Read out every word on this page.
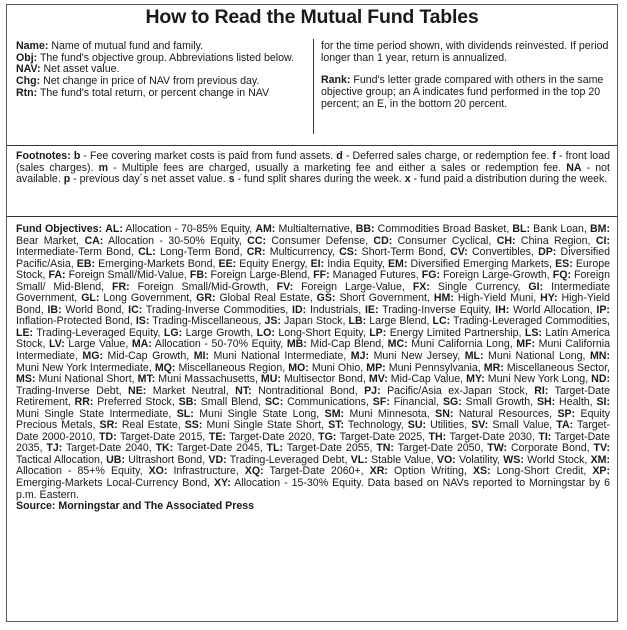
How to Read the Mutual Fund Tables
Name: Name of mutual fund and family.
Obj: The fund's objective group. Abbreviations listed below.
NAV: Net asset value.
Chg: Net change in price of NAV from previous day.
Rtn: The fund's total return, or percent change in NAV
for the time period shown, with dividends reinvested. If period longer than 1 year, return is annualized.
Rank: Fund's letter grade compared with others in the same objective group; an A indicates fund performed in the top 20 percent; an E, in the bottom 20 percent.
Footnotes: b - Fee covering market costs is paid from fund assets. d - Deferred sales charge, or redemption fee. f - front load (sales charges). m - Multiple fees are charged, usually a marketing fee and either a sales or redemption fee. NA - not available. p - previous day´s net asset value. s - fund split shares during the week. x - fund paid a distribution during the week.
Fund Objectives: AL: Allocation - 70-85% Equity, AM: Multialternative, BB: Commodities Broad Basket, BL: Bank Loan, BM: Bear Market, CA: Allocation - 30-50% Equity, CC: Consumer Defense, CD: Consumer Cyclical, CH: China Region, CI: Intermediate-Term Bond, CL: Long-Term Bond, CR: Multicurrency, CS: Short-Term Bond, CV: Convertibles, DP: Diversified Pacific/Asia, EB: Emerging-Markets Bond, EE: Equity Energy, EI: India Equity, EM: Diversified Emerging Markets, ES: Europe Stock, FA: Foreign Small/Mid-Value, FB: Foreign Large-Blend, FF: Managed Futures, FG: Foreign Large-Growth, FQ: Foreign Small/ Mid-Blend, FR: Foreign Small/Mid-Growth, FV: Foreign Large-Value, FX: Single Currency, GI: Intermediate Government, GL: Long Government, GR: Global Real Estate, GS: Short Government, HM: High-Yield Muni, HY: High-Yield Bond, IB: World Bond, IC: Trading-Inverse Commodities, ID: Industrials, IE: Trading-Inverse Equity, IH: World Allocation, IP: Inflation-Protected Bond, IS: Trading-Miscellaneous, JS: Japan Stock, LB: Large Blend, LC: Trading-Leveraged Commodities, LE: Trading-Leveraged Equity, LG: Large Growth, LO: Long-Short Equity, LP: Energy Limited Partnership, LS: Latin America Stock, LV: Large Value, MA: Allocation - 50-70% Equity, MB: Mid-Cap Blend, MC: Muni California Long, MF: Muni California Intermediate, MG: Mid-Cap Growth, MI: Muni National Intermediate, MJ: Muni New Jersey, ML: Muni National Long, MN: Muni New York Intermediate, MQ: Miscellaneous Region, MO: Muni Ohio, MP: Muni Pennsylvania, MR: Miscellaneous Sector, MS: Muni National Short, MT: Muni Massachusetts, MU: Multisector Bond, MV: Mid-Cap Value, MY: Muni New York Long, ND: Trading-Inverse Debt, NE: Market Neutral, NT: Nontraditional Bond, PJ: Pacific/Asia ex-Japan Stock, RI: Target-Date Retirement, RR: Preferred Stock, SB: Small Blend, SC: Communications, SF: Financial, SG: Small Growth, SH: Health, SI: Muni Single State Intermediate, SL: Muni Single State Long, SM: Muni Minnesota, SN: Natural Resources, SP: Equity Precious Metals, SR: Real Estate, SS: Muni Single State Short, ST: Technology, SU: Utilities, SV: Small Value, TA: Target-Date 2000-2010, TD: Target-Date 2015, TE: Target-Date 2020, TG: Target-Date 2025, TH: Target-Date 2030, TI: Target-Date 2035, TJ: Target-Date 2040, TK: Target-Date 2045, TL: Target-Date 2055, TN: Target-Date 2050, TW: Corporate Bond, TV: Tactical Allocation, UB: Ultrashort Bond, VD: Trading-Leveraged Debt, VL: Stable Value, VO: Volatility, WS: World Stock, XM: Allocation - 85+% Equity, XO: Infrastructure, XQ: Target-Date 2060+, XR: Option Writing, XS: Long-Short Credit, XP: Emerging-Markets Local-Currency Bond, XY: Allocation - 15-30% Equity. Data based on NAVs reported to Morningstar by 6 p.m. Eastern.
Source: Morningstar and The Associated Press
